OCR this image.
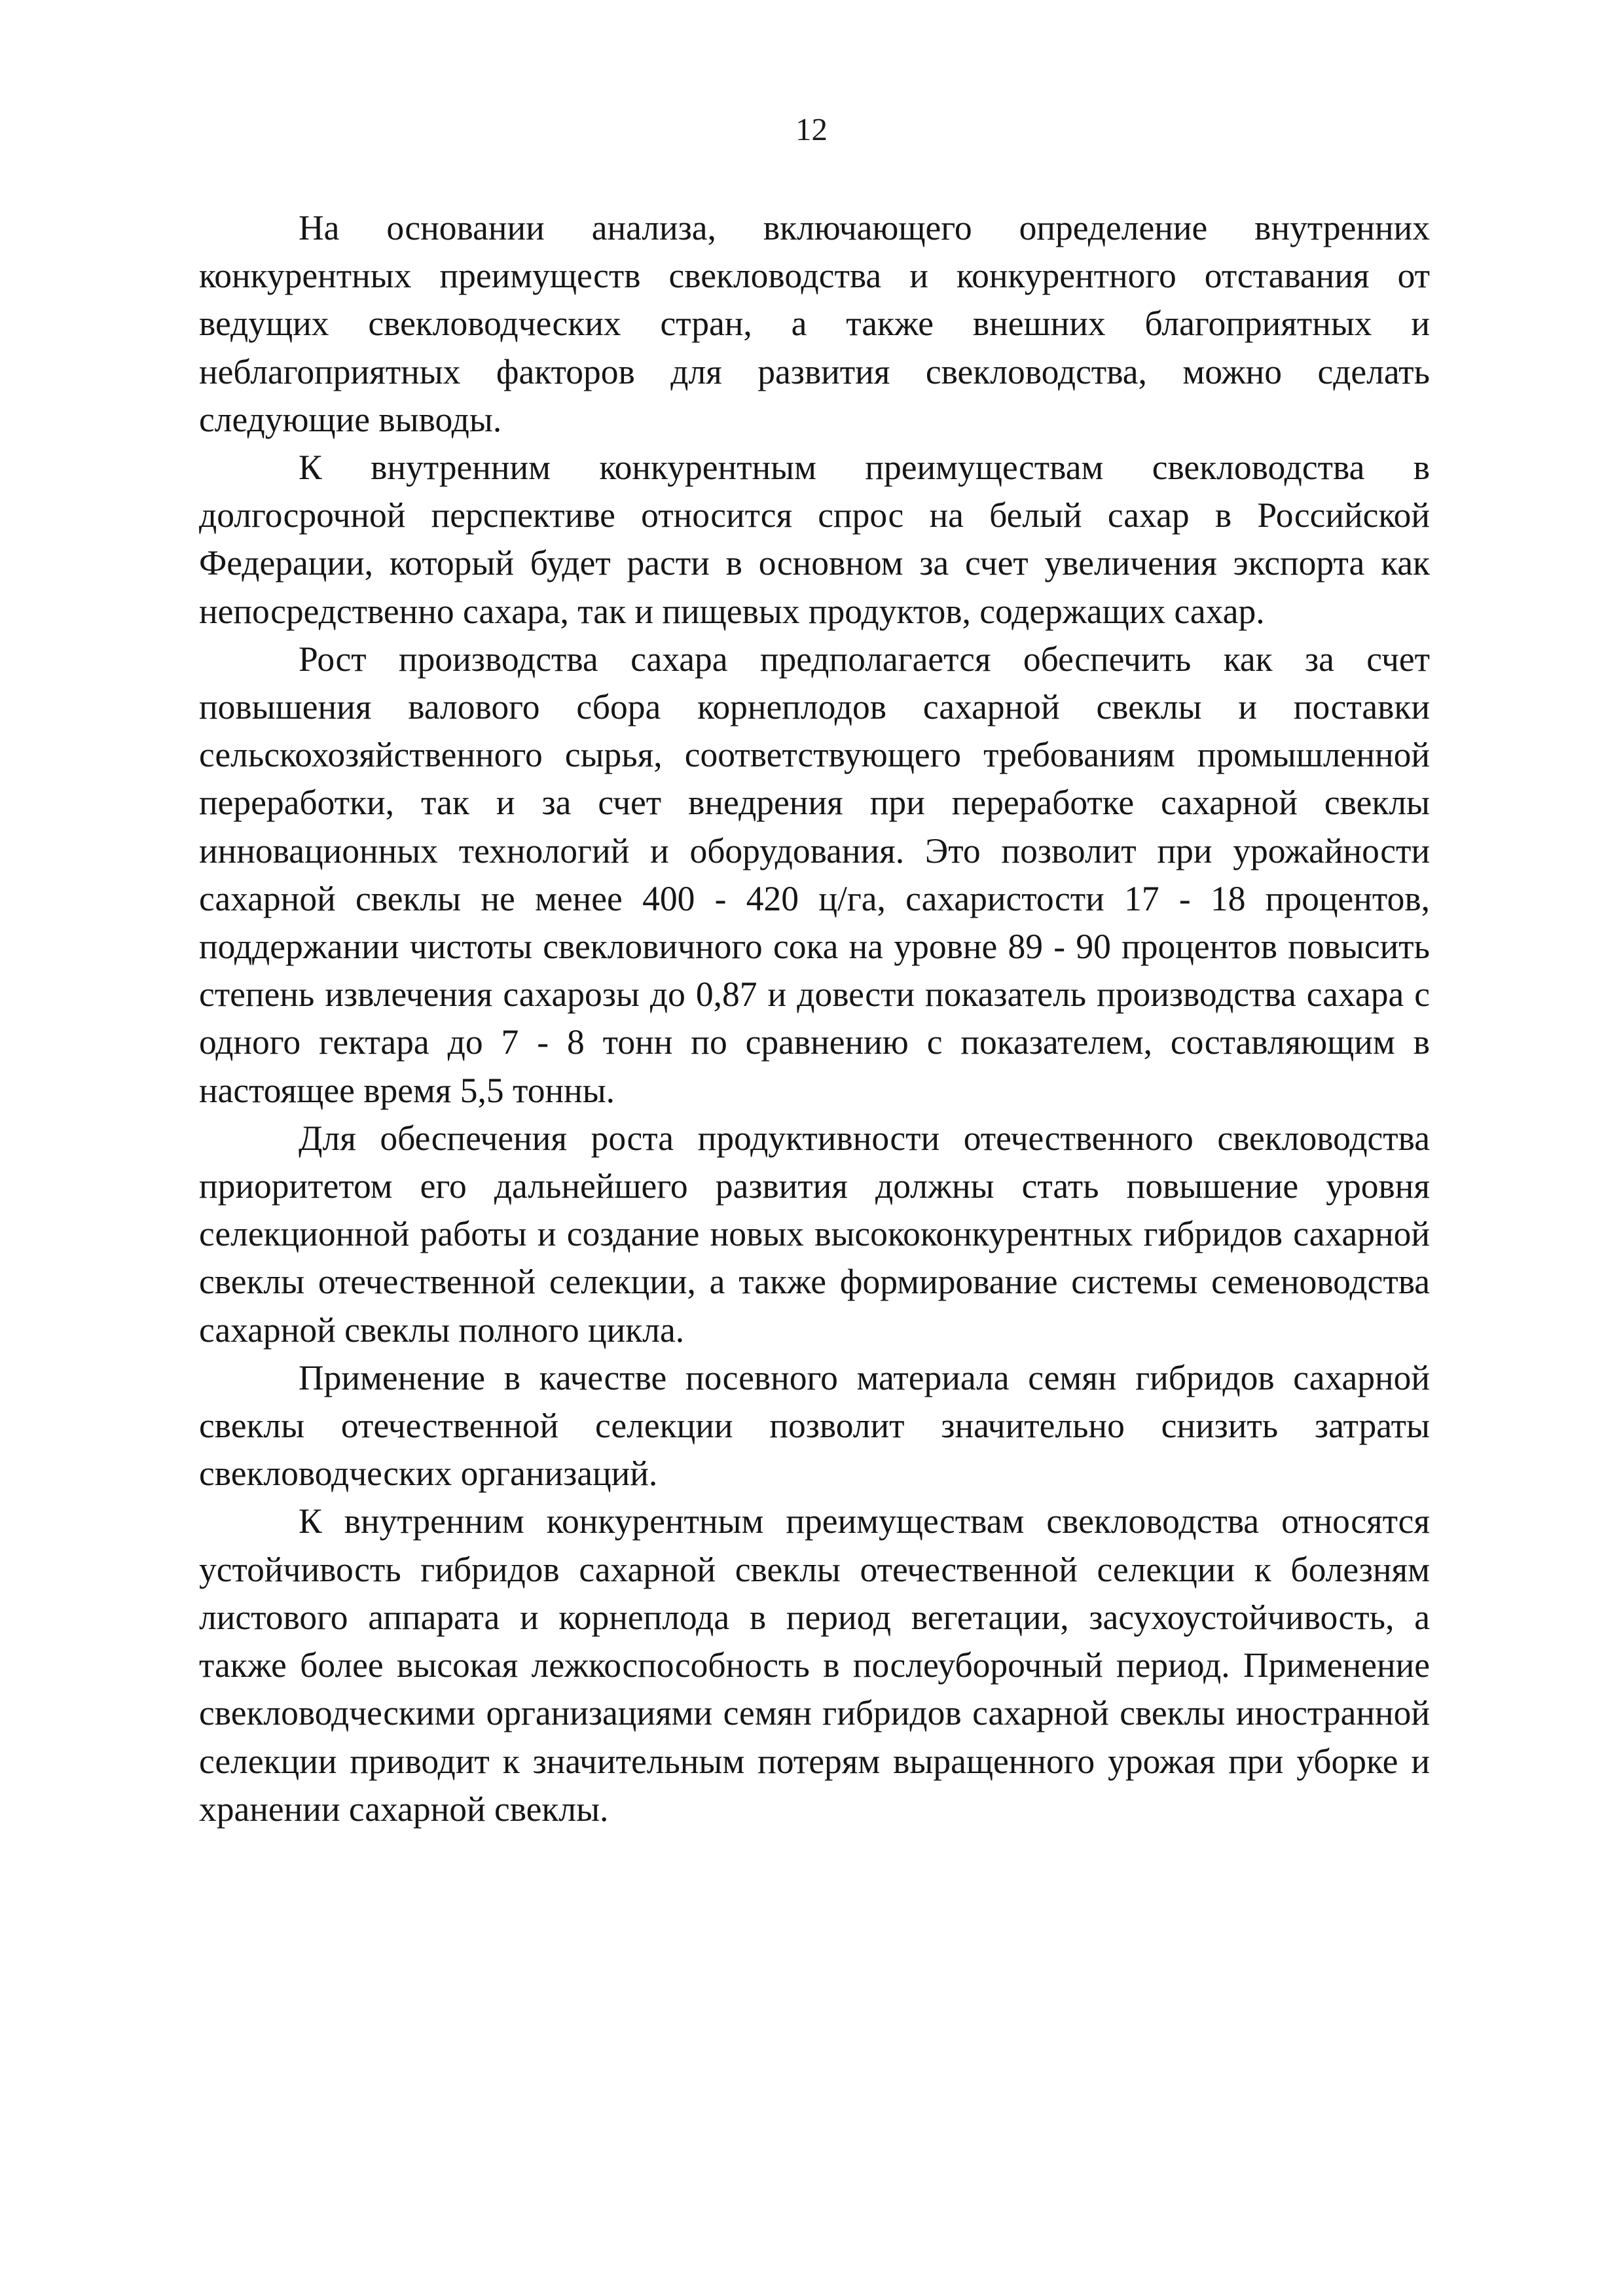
12

На основании анализа, включающего определение внутренних конкурентных преимуществ свекловодства и конкурентного отставания от ведущих свекловодческих стран, а также внешних благоприятных и неблагоприятных факторов для развития свекловодства, можно сделать следующие выводы.

К внутренним конкурентным преимуществам свекловодства в долгосрочной перспективе относится спрос на белый сахар в Российской Федерации, который будет расти в основном за счет увеличения экспорта как непосредственно сахара, так и пищевых продуктов, содержащих сахар.

Рост производства сахара предполагается обеспечить как за счет повышения валового сбора корнеплодов сахарной свеклы и поставки сельскохозяйственного сырья, соответствующего требованиям промышленной переработки, так и за счет внедрения при переработке сахарной свеклы инновационных технологий и оборудования. Это позволит при урожайности сахарной свеклы не менее 400 - 420 ц/га, сахаристости 17 - 18 процентов, поддержании чистоты свекловичного сока на уровне 89 - 90 процентов повысить степень извлечения сахарозы до 0,87 и довести показатель производства сахара с одного гектара до 7 - 8 тонн по сравнению с показателем, составляющим в настоящее время 5,5 тонны.

Для обеспечения роста продуктивности отечественного свекловодства приоритетом его дальнейшего развития должны стать повышение уровня селекционной работы и создание новых высококонкурентных гибридов сахарной свеклы отечественной селекции, а также формирование системы семеноводства сахарной свеклы полного цикла.

Применение в качестве посевного материала семян гибридов сахарной свеклы отечественной селекции позволит значительно снизить затраты свекловодческих организаций.

К внутренним конкурентным преимуществам свекловодства относятся устойчивость гибридов сахарной свеклы отечественной селекции к болезням листового аппарата и корнеплода в период вегетации, засухоустойчивость, а также более высокая лежкоспособность в послеуборочный период. Применение свекловодческими организациями семян гибридов сахарной свеклы иностранной селекции приводит к значительным потерям выращенного урожая при уборке и хранении сахарной свеклы.
